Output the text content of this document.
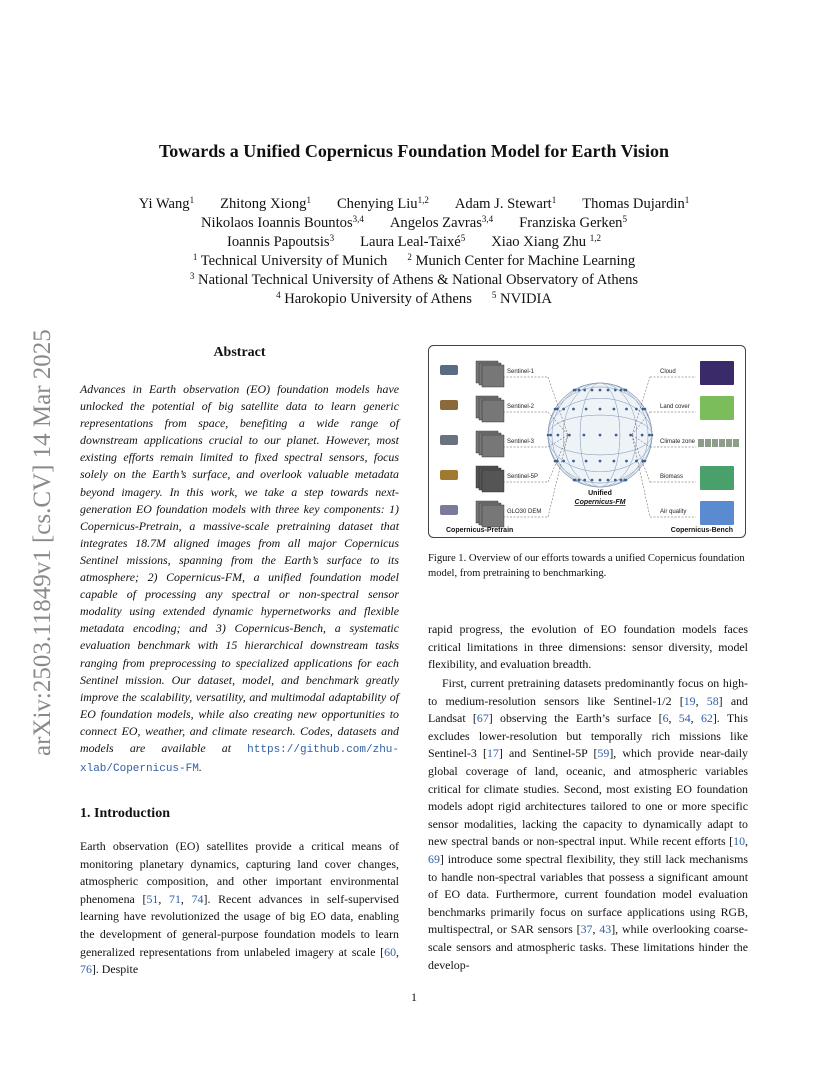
arXiv:2503.11849v1 [cs.CV] 14 Mar 2025
Towards a Unified Copernicus Foundation Model for Earth Vision
Yi Wang$^1$ Zhitong Xiong$^1$ Chenying Liu$^{1,2}$ Adam J. Stewart$^1$ Thomas Dujardin$^1$
Nikolaos Ioannis Bountos$^{3,4}$ Angelos Zavras$^{3,4}$ Franziska Gerken$^5$
Ioannis Papoutsis$^3$ Laura Leal-Taixé$^5$ Xiao Xiang Zhu $^{1,2}$
$^1$ Technical University of Munich $^2$ Munich Center for Machine Learning
$^3$ National Technical University of Athens & National Observatory of Athens
$^4$ Harokopio University of Athens $^5$ NVIDIA
Abstract
Advances in Earth observation (EO) foundation models have unlocked the potential of big satellite data to learn generic representations from space, benefiting a wide range of downstream applications crucial to our planet. However, most existing efforts remain limited to fixed spectral sensors, focus solely on the Earth’s surface, and overlook valuable metadata beyond imagery. In this work, we take a step towards next-generation EO foundation models with three key components: 1) Copernicus-Pretrain, a massive-scale pretraining dataset that integrates 18.7M aligned images from all major Copernicus Sentinel missions, spanning from the Earth’s surface to its atmosphere; 2) Copernicus-FM, a unified foundation model capable of processing any spectral or non-spectral sensor modality using extended dynamic hypernetworks and flexible metadata encoding; and 3) Copernicus-Bench, a systematic evaluation benchmark with 15 hierarchical downstream tasks ranging from preprocessing to specialized applications for each Sentinel mission. Our dataset, model, and benchmark greatly improve the scalability, versatility, and multimodal adaptability of EO foundation models, while also creating new opportunities to connect EO, weather, and climate research. Codes, datasets and models are available at https://github.com/zhu-xlab/Copernicus-FM.
1. Introduction
Earth observation (EO) satellites provide a critical means of monitoring planetary dynamics, capturing land cover changes, atmospheric composition, and other important environmental phenomena [51, 71, 74]. Recent advances in self-supervised learning have revolutionized the usage of big EO data, enabling the development of general-purpose foundation models to learn generalized representations from unlabeled imagery at scale [60, 76]. Despite
Sentinel-1
Sentinel-2
Sentinel-3
Sentinel-5P
GLO30 DEM
Cloud
Land cover
Climate zone
Biomass
Air quality
Unified
Copernicus-FM
Copernicus-Pretrain	Copernicus-Bench
Figure 1. Overview of our efforts towards a unified Copernicus foundation model, from pretraining to benchmarking.
rapid progress, the evolution of EO foundation models faces critical limitations in three dimensions: sensor diversity, model flexibility, and evaluation breadth.
First, current pretraining datasets predominantly focus on high- to medium-resolution sensors like Sentinel-1/2 [19, 58] and Landsat [67] observing the Earth’s surface [6, 54, 62]. This excludes lower-resolution but temporally rich missions like Sentinel-3 [17] and Sentinel-5P [59], which provide near-daily global coverage of land, oceanic, and atmospheric variables critical for climate studies. Second, most existing EO foundation models adopt rigid architectures tailored to one or more specific sensor modalities, lacking the capacity to dynamically adapt to new spectral bands or non-spectral input. While recent efforts [10, 69] introduce some spectral flexibility, they still lack mechanisms to handle non-spectral variables that possess a significant amount of EO data. Furthermore, current foundation model evaluation benchmarks primarily focus on surface applications using RGB, multispectral, or SAR sensors [37, 43], while overlooking coarse-scale sensors and atmospheric tasks. These limitations hinder the develop-
1
